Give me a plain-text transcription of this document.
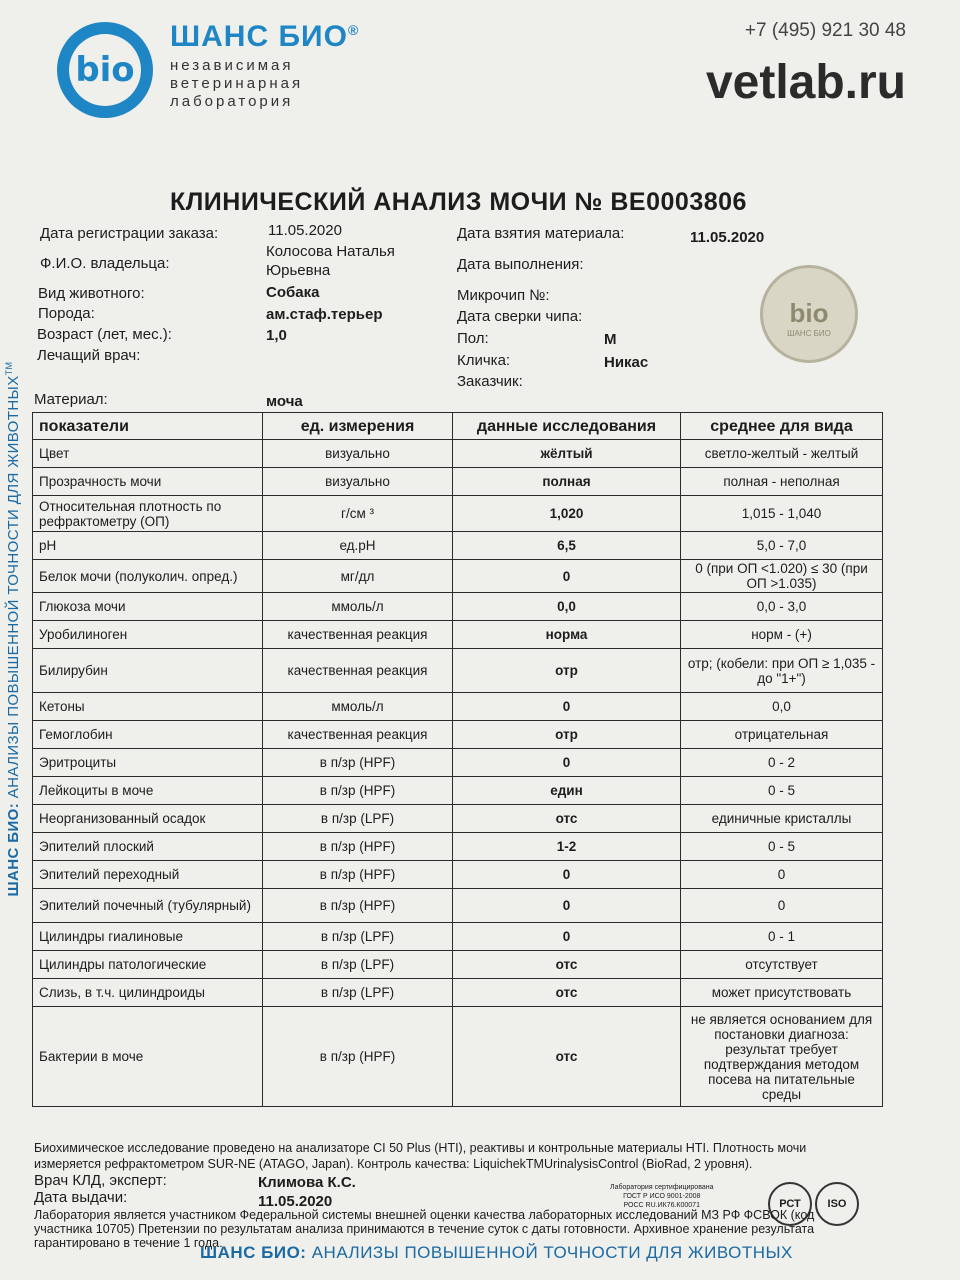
ШАНС БИО: АНАЛИЗЫ ПОВЫШЕННОЙ ТОЧНОСТИ ДЛЯ ЖИВОТНЫХ™
bio
ШАНС БИО®
независимая
ветеринарная
лаборатория
+7 (495) 921 30 48
vetlab.ru
КЛИНИЧЕСКИЙ АНАЛИЗ МОЧИ № BE0003806
Дата регистрации заказа:	11.05.2020
Ф.И.О. владельца:
Колосова Наталья
Юрьевна
Вид животного:	Собака
Порода:	ам.стаф.терьер
Возраст (лет, мес.):	1,0
Лечащий врач:
Дата взятия материала:	11.05.2020
Дата выполнения:
Микрочип №:
Дата сверки чипа:
Пол:	М
Кличка:	Никас
Заказчик:
Материал:	моча
bio
ШАНС БИО
показатели	ед. измерения	данные исследования	среднее для вида
Цвет	визуально	жёлтый	светло-желтый - желтый
Прозрачность мочи	визуально	полная	полная - неполная
Относительная плотность по рефрактометру (ОП)	г/см ³	1,020	1,015 - 1,040
pH	ед.pH	6,5	5,0 - 7,0
Белок мочи (полуколич. опред.)	мг/дл	0	0 (при ОП <1.020) ≤ 30 (при ОП >1.035)
Глюкоза мочи	ммоль/л	0,0	0,0 - 3,0
Уробилиноген	качественная реакция	норма	норм - (+)
Билирубин	качественная реакция	отр	отр; (кобели: при ОП ≥ 1,035 - до "1+")
Кетоны	ммоль/л	0	0,0
Гемоглобин	качественная реакция	отр	отрицательная
Эритроциты	в п/зр (HPF)	0	0 - 2
Лейкоциты в моче	в п/зр (HPF)	един	0 - 5
Неорганизованный осадок	в п/зр (LPF)	отс	единичные кристаллы
Эпителий плоский	в п/зр (HPF)	1-2	0 - 5
Эпителий переходный	в п/зр (HPF)	0	0
Эпителий почечный (тубулярный)	в п/зр (HPF)	0	0
Цилиндры гиалиновые	в п/зр (LPF)	0	0 - 1
Цилиндры патологические	в п/зр (LPF)	отс	отсутствует
Слизь, в т.ч. цилиндроиды	в п/зр (LPF)	отс	может присутствовать
Бактерии в моче	в п/зр (HPF)	отс	не является основанием для постановки диагноза: результат требует подтверждания методом посева на питательные среды
Биохимическое исследование проведено на анализаторе CI 50 Plus (HTI), реактивы и контрольные материалы HTI. Плотность мочи измеряется рефрактометром SUR-NE (ATAGO, Japan). Контроль качества: LiquichekTMUrinalysisControl (BioRad, 2 уровня).
Врач КЛД, эксперт:	Климова К.С.
Дата выдачи:	11.05.2020
Лаборатория сертифицирована
ГОСТ Р ИСО 9001-2008
РОСС RU.ИК76.К00071	РСТ	ISO
Лаборатория является участником Федеральной системы внешней оценки качества лабораторных исследований МЗ РФ ФСВОК (код участника 10705) Претензии по результатам анализа принимаются в течение суток с даты готовности. Архивное хранение результата гарантировано в течение 1 года.
ШАНС БИО: АНАЛИЗЫ ПОВЫШЕННОЙ ТОЧНОСТИ ДЛЯ ЖИВОТНЫХ
